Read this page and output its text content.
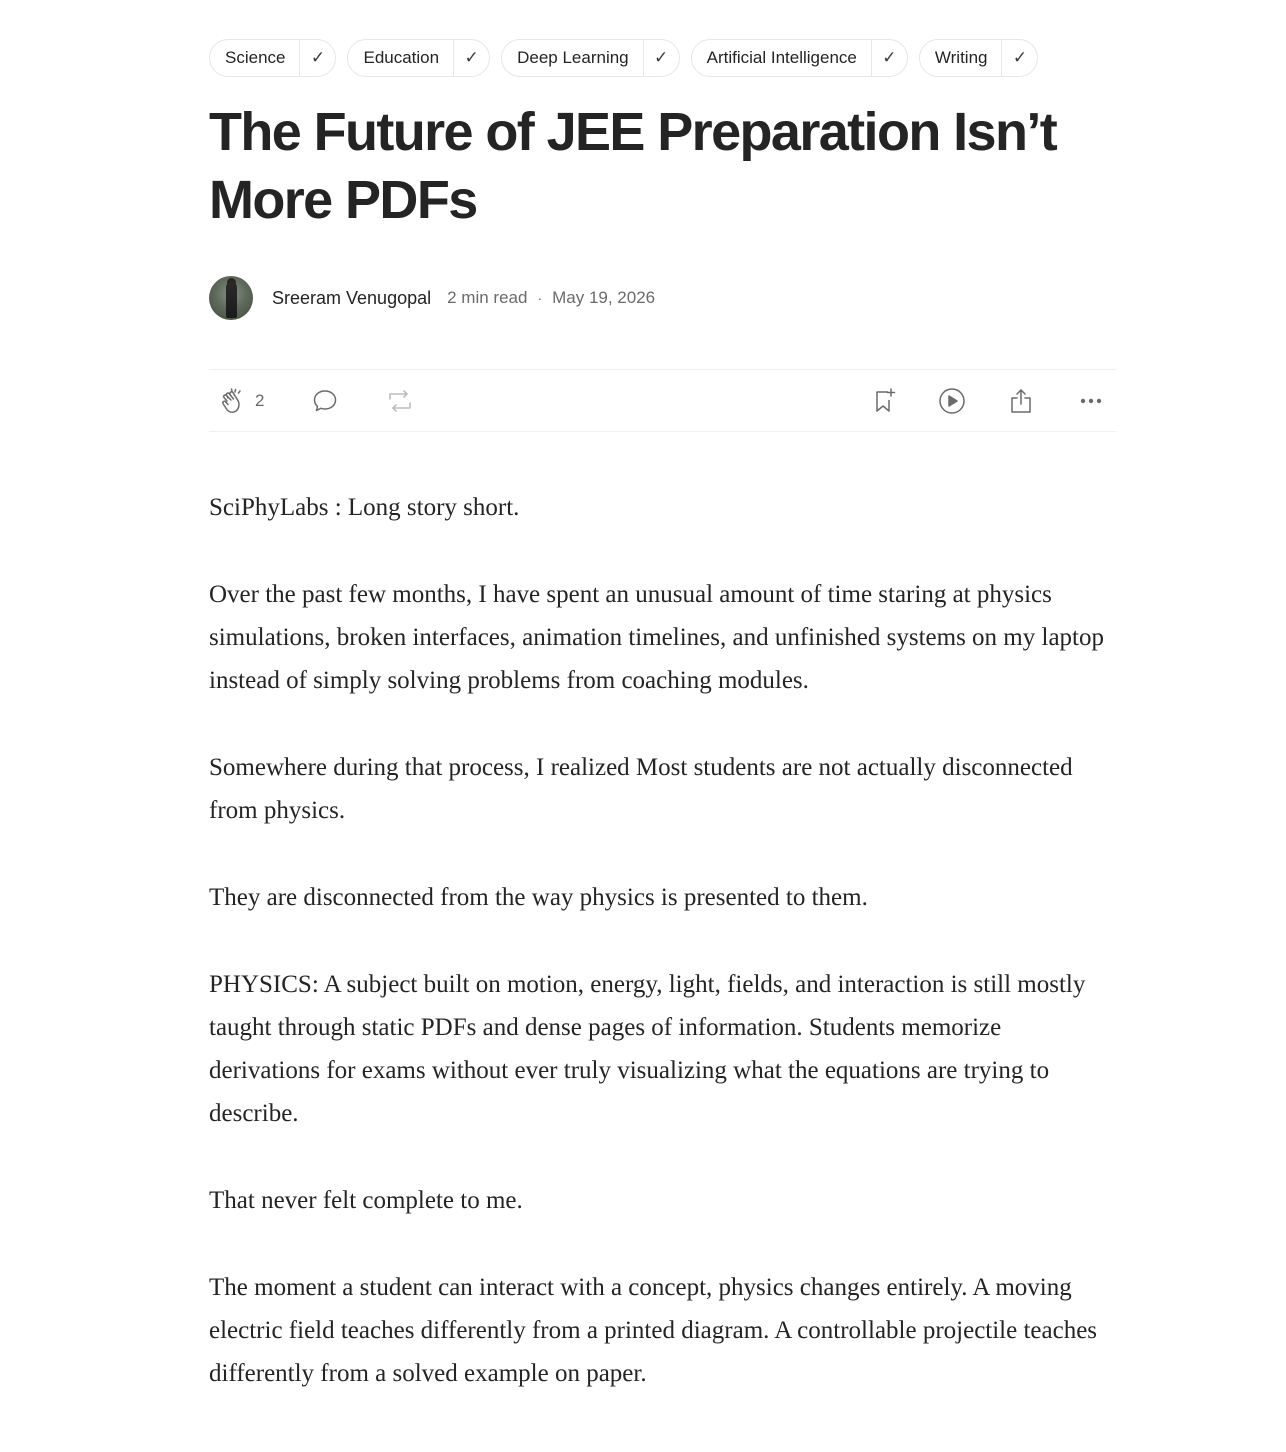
Science	✓	Education	✓	Deep Learning	✓	Artificial Intelligence	✓	Writing	✓
The Future of JEE Preparation Isn’t More PDFs
Sreeram Venugopal 2 min read · May 19, 2026
2

SciPhyLabs : Long story short.

Over the past few months, I have spent an unusual amount of time staring at physics simulations, broken interfaces, animation timelines, and unfinished systems on my laptop instead of simply solving problems from coaching modules.

Somewhere during that process, I realized Most students are not actually disconnected from physics.

They are disconnected from the way physics is presented to them.

PHYSICS: A subject built on motion, energy, light, fields, and interaction is still mostly taught through static PDFs and dense pages of information. Students memorize derivations for exams without ever truly visualizing what the equations are trying to describe.

That never felt complete to me.

The moment a student can interact with a concept, physics changes entirely. A moving electric field teaches differently from a printed diagram. A controllable projectile teaches differently from a solved example on paper.
